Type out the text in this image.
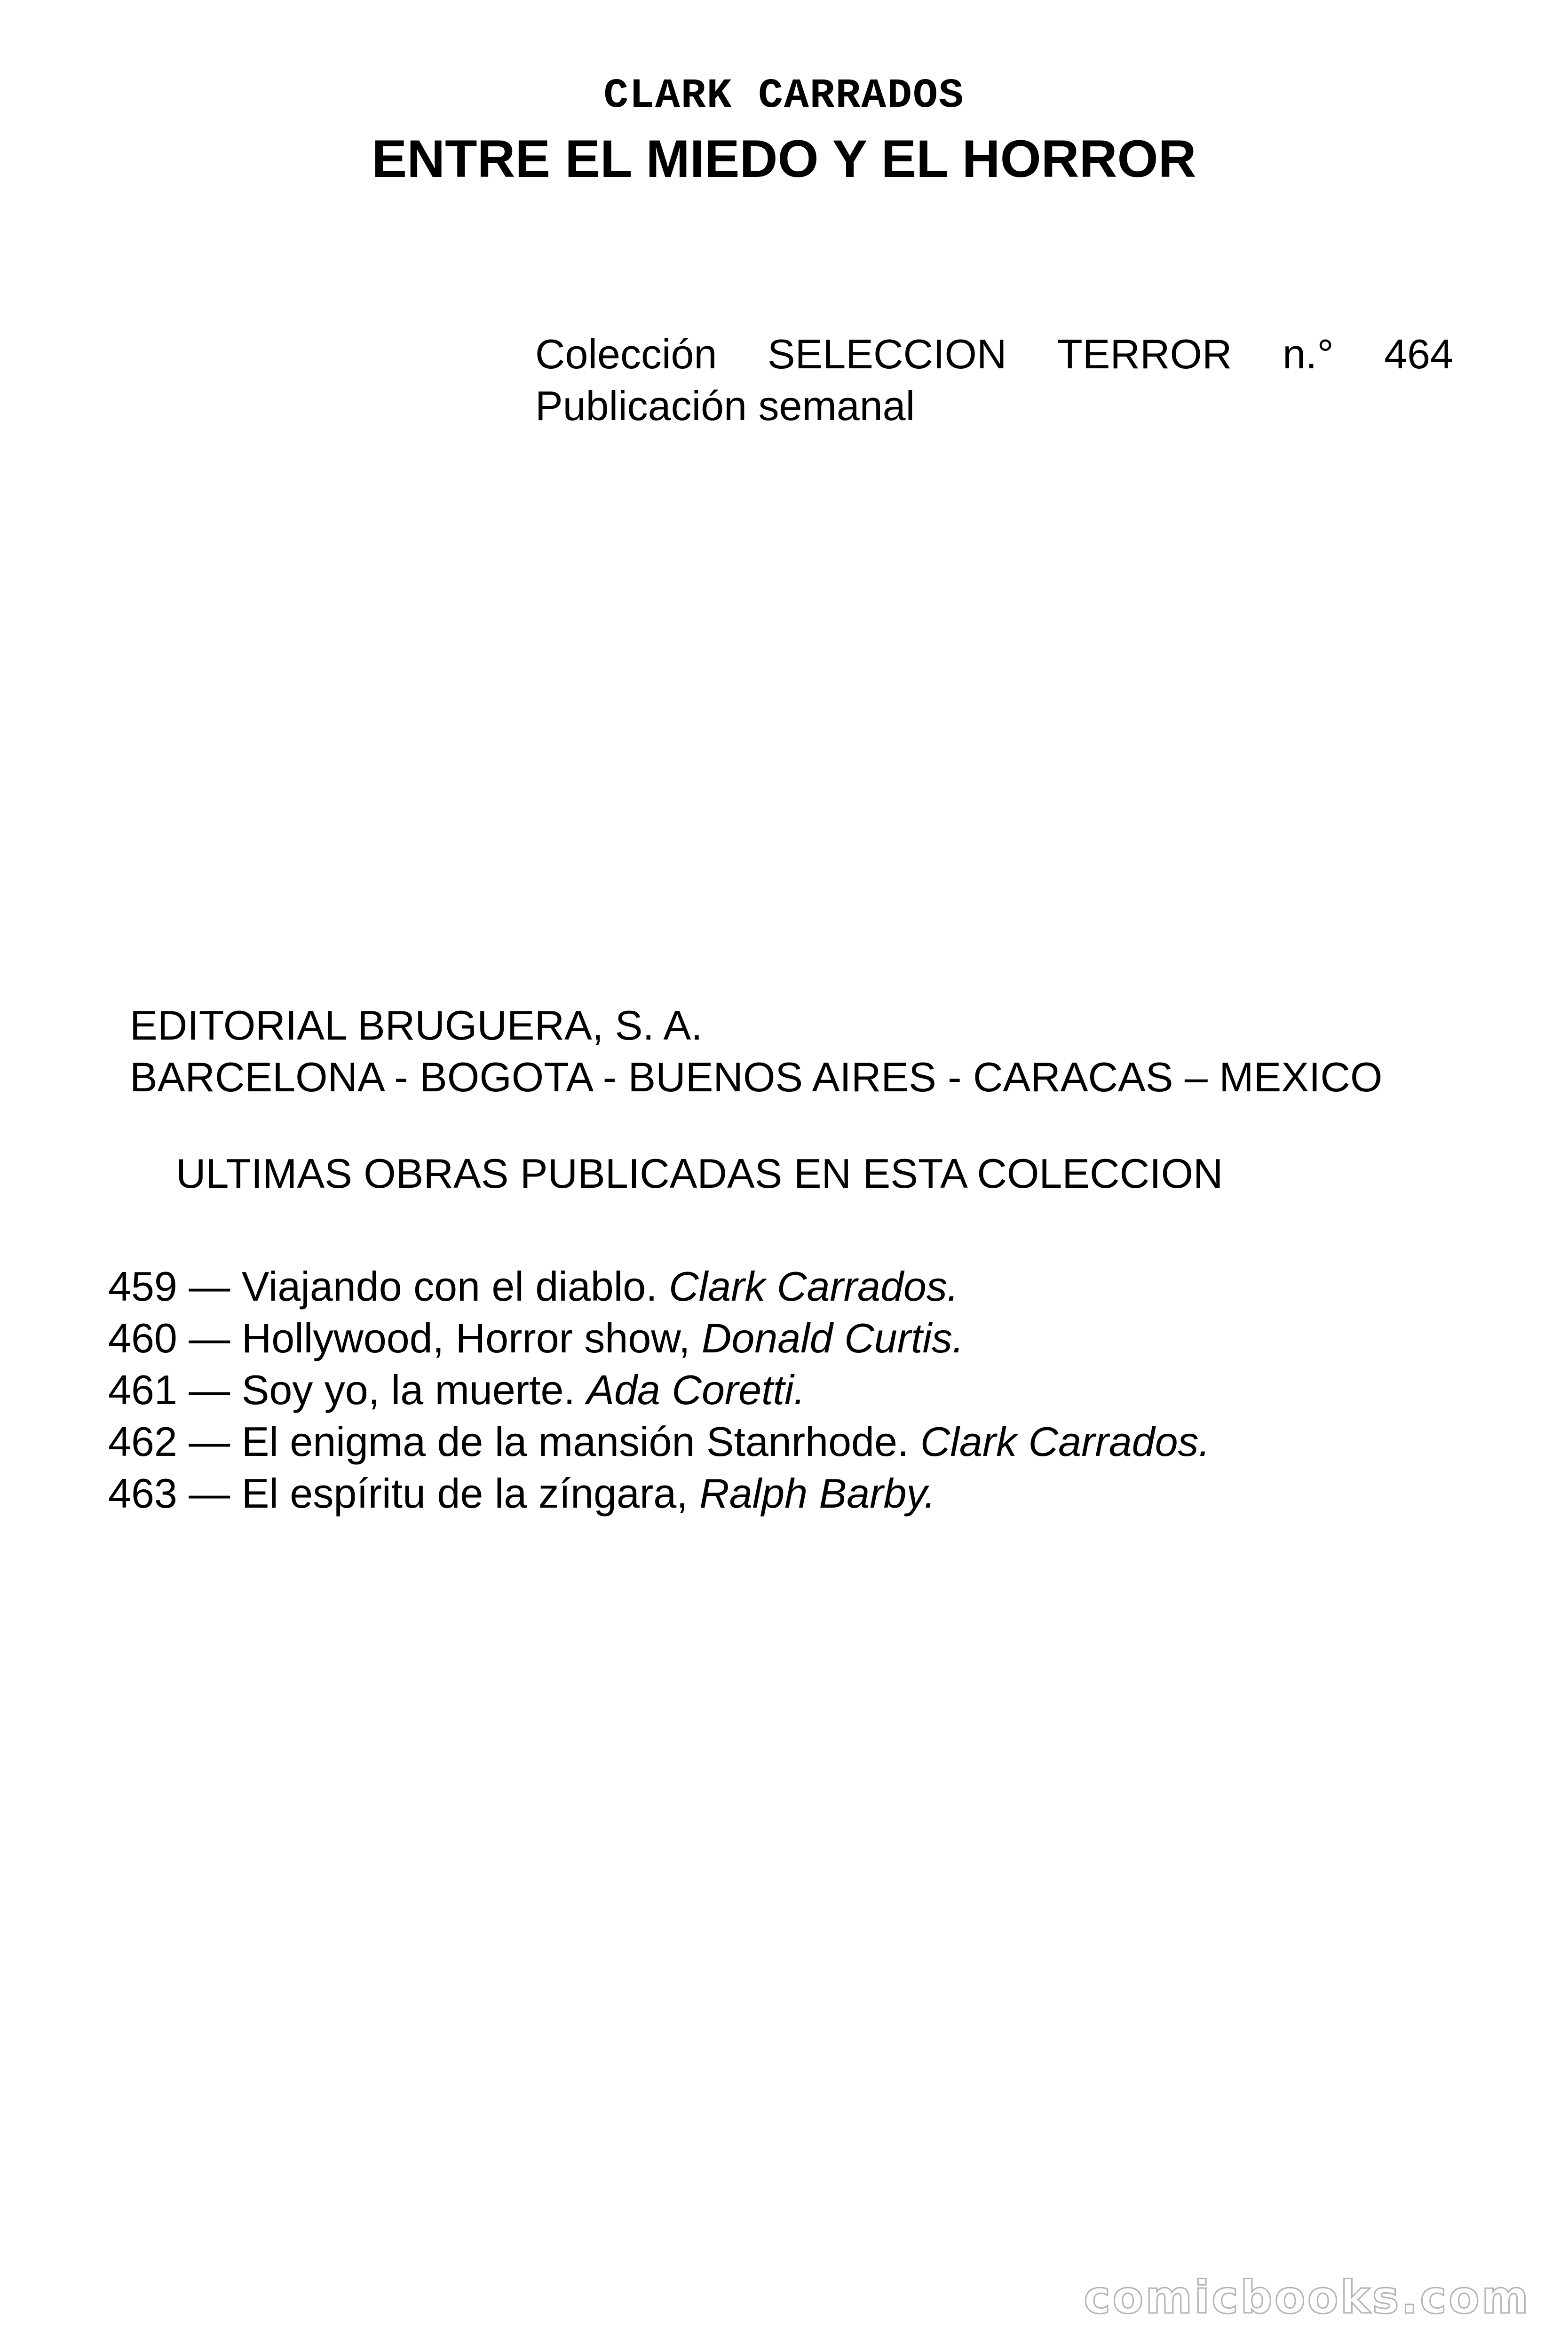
CLARK CARRADOS
ENTRE EL MIEDO Y EL HORROR
Colección SELECCION TERROR n.° 464
Publicación semanal
EDITORIAL BRUGUERA, S. A.
BARCELONA - BOGOTA - BUENOS AIRES - CARACAS – MEXICO
ULTIMAS OBRAS PUBLICADAS EN ESTA COLECCION
459 — Viajando con el diablo. Clark Carrados.
460 — Hollywood, Horror show, Donald Curtis.
461 — Soy yo, la muerte. Ada Coretti.
462 — El enigma de la mansión Stanrhode. Clark Carrados.
463 — El espíritu de la zíngara, Ralph Barby.
comicbooks.com
